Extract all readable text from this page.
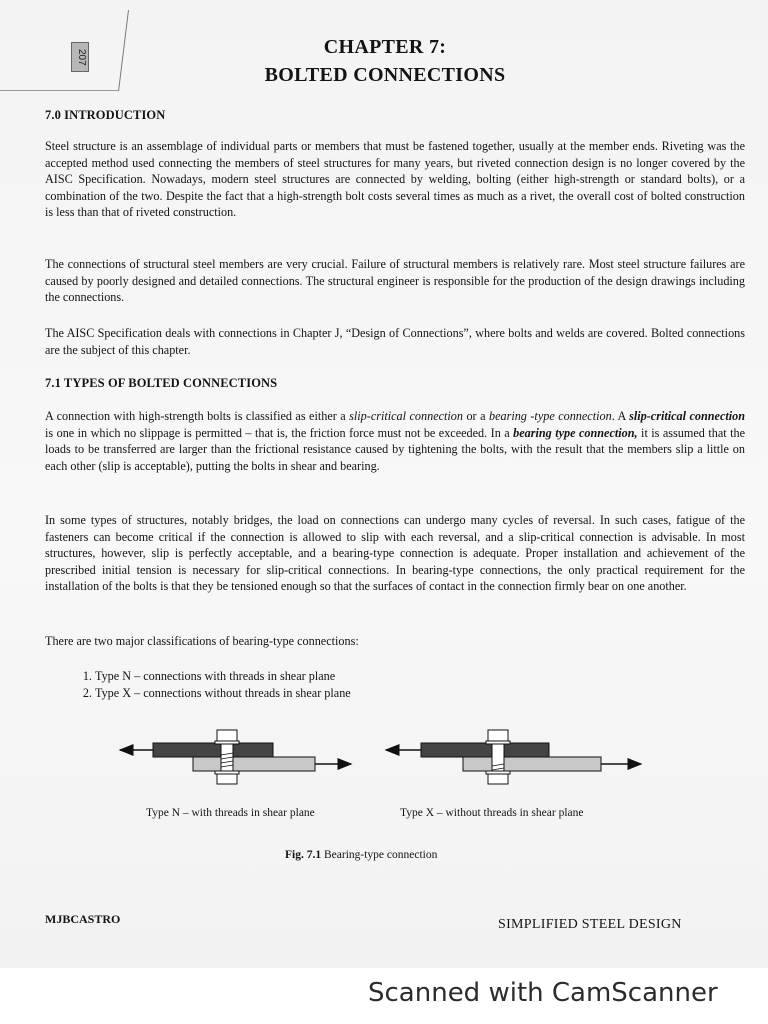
207	CHAPTER 7:
BOLTED CONNECTIONS
7.0 INTRODUCTION

Steel structure is an assemblage of individual parts or members that must be fastened together, usually at the member ends. Riveting was the accepted method used connecting the members of steel structures for many years, but riveted connection design is no longer covered by the AISC Specification. Nowadays, modern steel structures are connected by welding, bolting (either high-strength or standard bolts), or a combination of the two. Despite the fact that a high-strength bolt costs several times as much as a rivet, the overall cost of bolted construction is less than that of riveted construction.

The connections of structural steel members are very crucial. Failure of structural members is relatively rare. Most steel structure failures are caused by poorly designed and detailed connections. The structural engineer is responsible for the production of the design drawings including the connections.

The AISC Specification deals with connections in Chapter J, “Design of Connections”, where bolts and welds are covered. Bolted connections are the subject of this chapter.

7.1 TYPES OF BOLTED CONNECTIONS

A connection with high-strength bolts is classified as either a slip-critical connection or a bearing -type connection. A slip-critical connection is one in which no slippage is permitted – that is, the friction force must not be exceeded. In a bearing type connection, it is assumed that the loads to be transferred are larger than the frictional resistance caused by tightening the bolts, with the result that the members slip a little on each other (slip is acceptable), putting the bolts in shear and bearing.

In some types of structures, notably bridges, the load on connections can undergo many cycles of reversal. In such cases, fatigue of the fasteners can become critical if the connection is allowed to slip with each reversal, and a slip-critical connection is advisable. In most structures, however, slip is perfectly acceptable, and a bearing-type connection is adequate. Proper installation and achievement of the prescribed initial tension is necessary for slip-critical connections. In bearing-type connections, the only practical requirement for the installation of the bolts is that they be tensioned enough so that the surfaces of contact in the connection firmly bear on one another.

There are two major classifications of bearing-type connections:

1. Type N – connections with threads in shear plane
2. Type X – connections without threads in shear plane

Type N – with threads in shear plane	Type X – without threads in shear plane

Fig. 7.1 Bearing-type connection

MJBCASTRO	SIMPLIFIED STEEL DESIGN

Scanned with CamScanner
